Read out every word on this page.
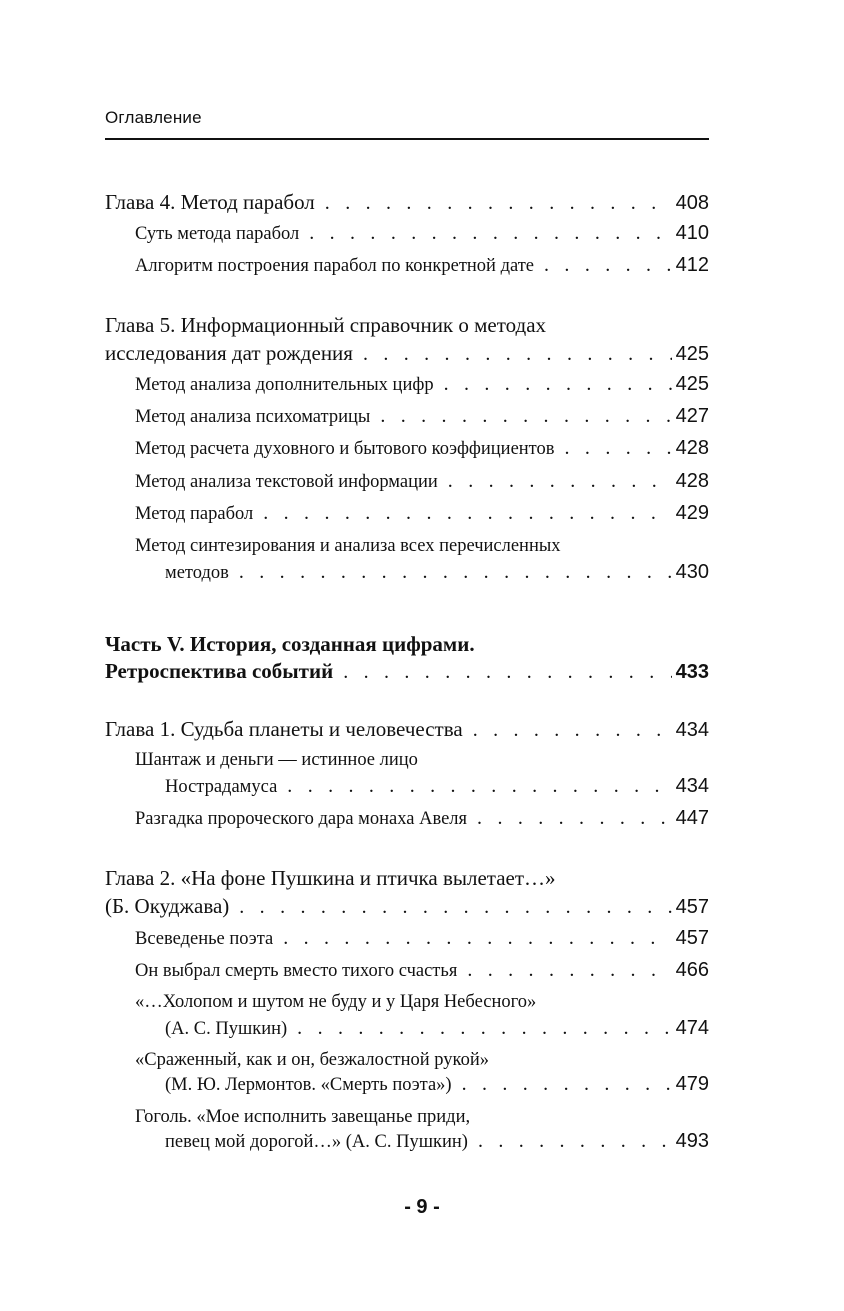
Оглавление
Глава 4. Метод парабол . . .	408
Суть метода парабол . . .	410
Алгоритм построения парабол по конкретной дате . . .	412
Глава 5. Информационный справочник о методах
исследования дат рождения . . .	425
Метод анализа дополнительных цифр . . .	425
Метод анализа психоматрицы . . .	427
Метод расчета духовного и бытового коэффициентов . . .	428
Метод анализа текстовой информации . . .	428
Метод парабол . . .	429
Метод синтезирования и анализа всех перечисленных
методов . . .	430
Часть V. История, созданная цифрами.
Ретроспектива событий . . .	433
Глава 1. Судьба планеты и человечества . . .	434
Шантаж и деньги — истинное лицо
Нострадамуса . . .	434
Разгадка пророческого дара монаха Авеля . . .	447
Глава 2. «На фоне Пушкина и птичка вылетает…»
(Б. Окуджава) . . .	457
Всеведенье поэта . . .	457
Он выбрал смерть вместо тихого счастья . . .	466
«…Холопом и шутом не буду и у Царя Небесного»
(А. С. Пушкин) . . .	474
«Сраженный, как и он, безжалостной рукой»
(М. Ю. Лермонтов. «Смерть поэта») . . .	479
Гоголь. «Мое исполнить завещанье приди,
певец мой дорогой…» (А. С. Пушкин) . . .	493
- 9 -
